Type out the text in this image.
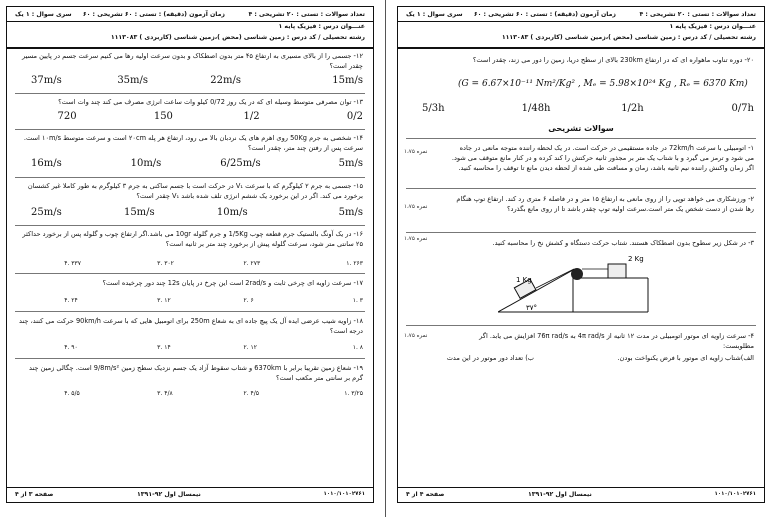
تعداد سوالات : تستی : ۲۰ تشریحی : ۴
زمان آزمون (دقیقه) : تستی : ۶۰ تشریحی : ۶۰
سری سوال : ۱ یک
عنـــوان درس : فیزیک پایه ۱
رشته تحصیلی / کد درس : زمین شناسی (محض )،زمین شناسی (کاربردی ) ۱۱۱۳۰۸۳
۱۲- جسمی را از بالای مسیری به ارتفاع ۴۵ متر بدون اصطکاک و بدون سرعت اولیه رها می کنیم سرعت جسم در پایین مسیر چقدر است؟
37m/s	35m/s	22m/s	15m/s
۱۳- توان مصرفی متوسط وسیله ای که در یک روز 0/72 کیلو وات ساعت انرژی مصرف می کند چند وات است؟
720	150	1/2	0/2
۱۴- شخصی به جرم 50Kg روی اهرم های یک نردبان بالا می رود، ارتفاع هر پله ۲۰cm است و سرعت متوسط ۱۰m/s است. سرعت پس از رفتن چند متر، چقدر است؟
16m/s	10m/s	6/25m/s	5m/s
۱۵- جسمی به جرم ۲ کیلوگرم که با سرعت V₁ در حرکت است با جسم ساکنی به جرم ۳ کیلوگرم به طور کاملا غیر کشسان برخورد می کند. اگر در این برخورد یک ششم انرژی تلف شده باشد V₁ چقدر است؟
25m/s	15m/s	10m/s	5m/s
۱۶- در یک آونگ بالستیک جرم قطعه چوب 1/5Kg و جرم گلوله 10gr می باشد.اگر ارتفاع چوب و گلوله پس از برخورد حداکثر ۲۵ سانتی متر شود، سرعت گلوله پیش از برخورد چند متر بر ثانیه است؟
۳۳۷ .۴	۳۰۲ .۳	۲۷۳ .۲	۲۶۳ .۱
۱۷- سرعت زاویه ای چرخی ثابت و 2rad/s است این چرخ در پایان 12s چند دور چرخیده است؟
۲۴ .۴	۱۲ .۳	۶ .۲	۳ .۱
۱۸- زاویه شیب عرضی ایده آل یک پیچ جاده ای به شعاع 250m برای اتومبیل هایی که با سرعت 90km/h حرکت می کنند، چند درجه است؟
۹۰ .۴	۱۴ .۳	۱۲ .۲	۸ .۱
۱۹- شعاع زمین تقریبا برابر با 6370km و شتاب سقوط آزاد یک جسم نزدیک سطح زمین 9/8m/s² است. چگالی زمین چند گرم بر سانتی متر مکعب است؟
۵/۵ .۴	۴/۸ .۳	۴/۵ .۲	۳/۲۵ .۱
صفحه ۳ از ۴	نیمسال اول ۹۲-۱۳۹۱	۱۰۱۰/۱۰۱۰۲۷۶۱
تعداد سوالات : تستی : ۲۰ تشریحی : ۴
زمان آزمون (دقیقه) : تستی : ۶۰ تشریحی : ۶۰
سری سوال : ۱ یک
عنـــوان درس : فیزیک پایه ۱
رشته تحصیلی / کد درس : زمین شناسی (محض )،زمین شناسی (کاربردی ) ۱۱۱۳۰۸۳
۲۰- دوره تناوب ماهواره ای که در ارتفاع 230km بالای از سطح دریا، زمین را دور می زند، چقدر است؟
(G = 6.67×10⁻¹¹ Nm²/Kg² , Mₑ = 5.98×10²⁴ Kg , Rₑ = 6370 Km)
5/3h	1/48h	1/2h	0/7h
سوالات تشریحی
۱- اتومبیلی با سرعت 72km/h در جاده مستقیمی در حرکت است. در یک لحظه راننده متوجه مانعی در جاده می شود و ترمز می گیرد و با شتاب یک متر بر مجذور ثانیه حرکتش را کند کرده و در کنار مانع متوقف می شود. اگر زمان واکنش راننده نیم ثانیه باشد، زمان و مسافت طی شده از لحظه دیدن مانع تا توقف را محاسبه کنید.
۱،۷۵ نمره
۲- ورزشکاری می خواهد توپی را از روی مانعی به ارتفاع ۱۵ متر و در فاصله ۶ متری رد کند. ارتفاع توپ هنگام رها شدن از دست شخص یک متر است.سرعت اولیه توپ چقدر باشد تا از روی مانع بگذرد؟
۱،۷۵ نمره
۳- در شکل زیر سطوح بدون اصطکاک هستند. شتاب حرکت دستگاه و کشش نخ را محاسبه کنید.
۱،۷۵ نمره
1 Kg
2 Kg
۳۷°
۴- سرعت زاویه ای موتور اتومبیلی در مدت ۱۲ ثانیه از 4π rad/s به 76π rad/s افزایش می یابد. اگر مطلوبست:
۱،۷۵ نمره
الف)شتاب زاویه ای موتور با فرض یکنواخت بودن.
ب) تعداد دور موتور در این مدت
صفحه ۴ از ۴	نیمسال اول ۹۲-۱۳۹۱	۱۰۱۰/۱۰۱۰۲۷۶۱
